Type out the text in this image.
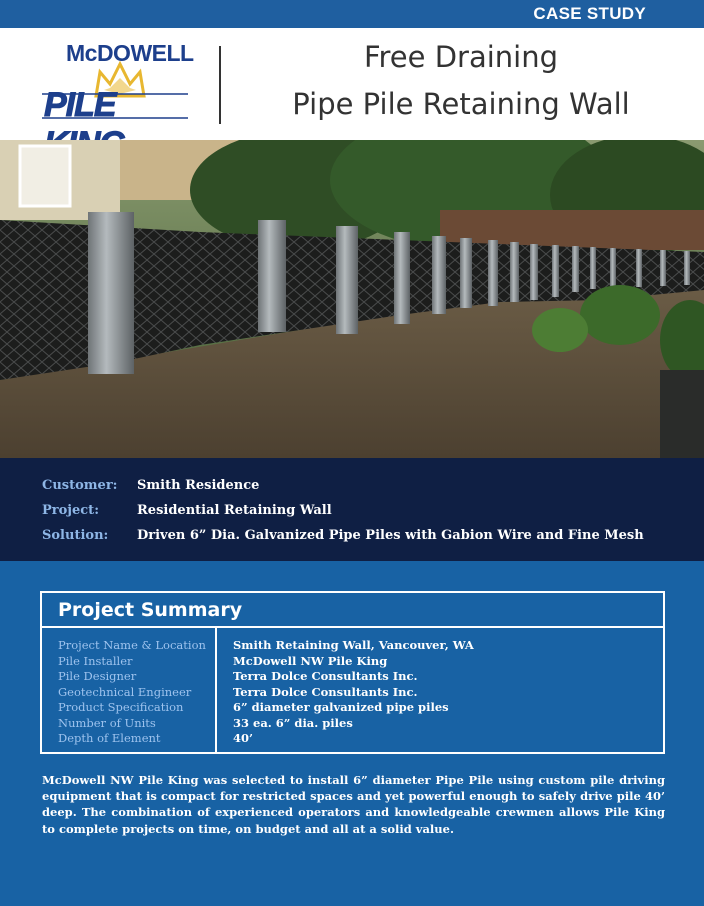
CASE STUDY
McDOWELL
PILE
Free Draining
Pipe Pile Retaining Wall
Customer: Smith Residence
Project:	Residential Retaining Wall
Solution: Driven 6” Dia. Galvanized Pipe Piles with Gabion Wire and Fine Mesh
Project Summary
Project Name & Location
Pile Installer
Pile Designer
Geotechnical Engineer
Product Specification
Number of Units
Depth of Element
Smith Retaining Wall, Vancouver, WA
McDowell NW Pile King
Terra Dolce Consultants Inc.
Terra Dolce Consultants Inc.
6” diameter galvanized pipe piles
33 ea. 6” dia. piles
40’

McDowell NW Pile King was selected to install 6” diameter Pipe Pile using custom pile driving equipment that is compact for restricted spaces and yet powerful enough to safely drive pile 40’ deep. The combination of experienced operators and knowledgeable crewmen allows Pile King to complete projects on time, on budget and all at a solid value.
